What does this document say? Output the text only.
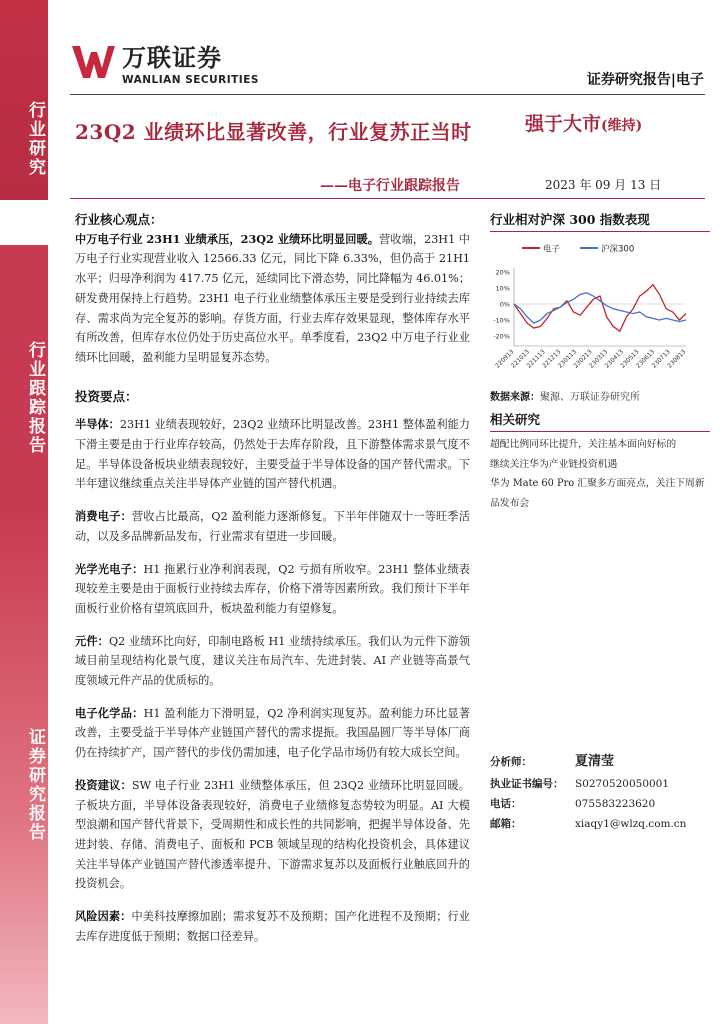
行业研究
行业跟踪报告
证券研究报告
万联证券
WANLIAN SECURITIES	证券研究报告|电子
23Q2 业绩环比显著改善，行业复苏正当时	强于大市(维持)
——电子行业跟踪报告	2023 年 09 月 13 日
行业核心观点：

中万电子行业 23H1 业绩承压，23Q2 业绩环比明显回暖。营收端，23H1 中万电子行业实现营业收入 12566.33 亿元，同比下降 6.33%，但仍高于 21H1 水平；归母净利润为 417.75 亿元，延续同比下滑态势，同比降幅为 46.01%；研发费用保持上行趋势。23H1 电子行业业绩整体承压主要是受到行业持续去库存、需求尚为完全复苏的影响。存货方面，行业去库存效果显现，整体库存水平有所改善，但库存水位仍处于历史高位水平。单季度看，23Q2 中万电子行业业绩环比回暖，盈利能力呈明显复苏态势。

投资要点：
半导体：23H1 业绩表现较好，23Q2 业绩环比明显改善。23H1 整体盈利能力下滑主要是由于行业库存较高，仍然处于去库存阶段，且下游整体需求景气度不足。半导体设备板块业绩表现较好，主要受益于半导体设备的国产替代需求。下半年建议继续重点关注半导体产业链的国产替代机遇。
消费电子：营收占比最高，Q2 盈利能力逐渐修复。下半年伴随双十一等旺季活动，以及多品牌新品发布，行业需求有望进一步回暖。
光学光电子：H1 拖累行业净利润表现，Q2 亏损有所收窄。23H1 整体业绩表现较差主要是由于面板行业持续去库存，价格下滑等因素所致。我们预计下半年面板行业价格有望筑底回升，板块盈利能力有望修复。
元件：Q2 业绩环比向好，印制电路板 H1 业绩持续承压。我们认为元件下游领域目前呈现结构化景气度，建议关注布局汽车、先进封装、AI 产业链等高景气度领域元件产品的优质标的。
电子化学品：H1 盈利能力下滑明显，Q2 净利润实现复苏。盈利能力环比显著改善，主要受益于半导体产业链国产替代的需求提振。我国晶圆厂等半导体厂商仍在持续扩产，国产替代的步伐仍需加速，电子化学品市场仍有较大成长空间。
投资建议：SW 电子行业 23H1 业绩整体承压，但 23Q2 业绩环比明显回暖。子板块方面，半导体设备表现较好，消费电子业绩修复态势较为明显。AI 大模型浪潮和国产替代背景下，受周期性和成长性的共同影响，把握半导体设备、先进封装、存储、消费电子、面板和 PCB 领域呈现的结构化投资机会，具体建议关注半导体产业链国产替代渗透率提升、下游需求复苏以及面板行业触底回升的投资机会。
风险因素：中美科技摩擦加剧；需求复苏不及预期；国产化进程不及预期；行业去库存进度低于预期；数据口径差异。
行业相对沪深 300 指数表现
电子	沪深300
20%
10%
0%
-10%
-20%
220913
221013
221113
221213
230113
230213
230313
230413
230513
230613
230713
230813
数据来源：聚源、万联证券研究所
相关研究
超配比例同环比提升，关注基本面向好标的
继续关注华为产业链投资机遇
华为 Mate 60 Pro 汇聚多方面亮点，关注下周新品发布会
分析师：	夏清莹
执业证书编号：	S0270520050001
电话：	075583223620
邮箱：	xiaqy1@wlzq.com.cn
